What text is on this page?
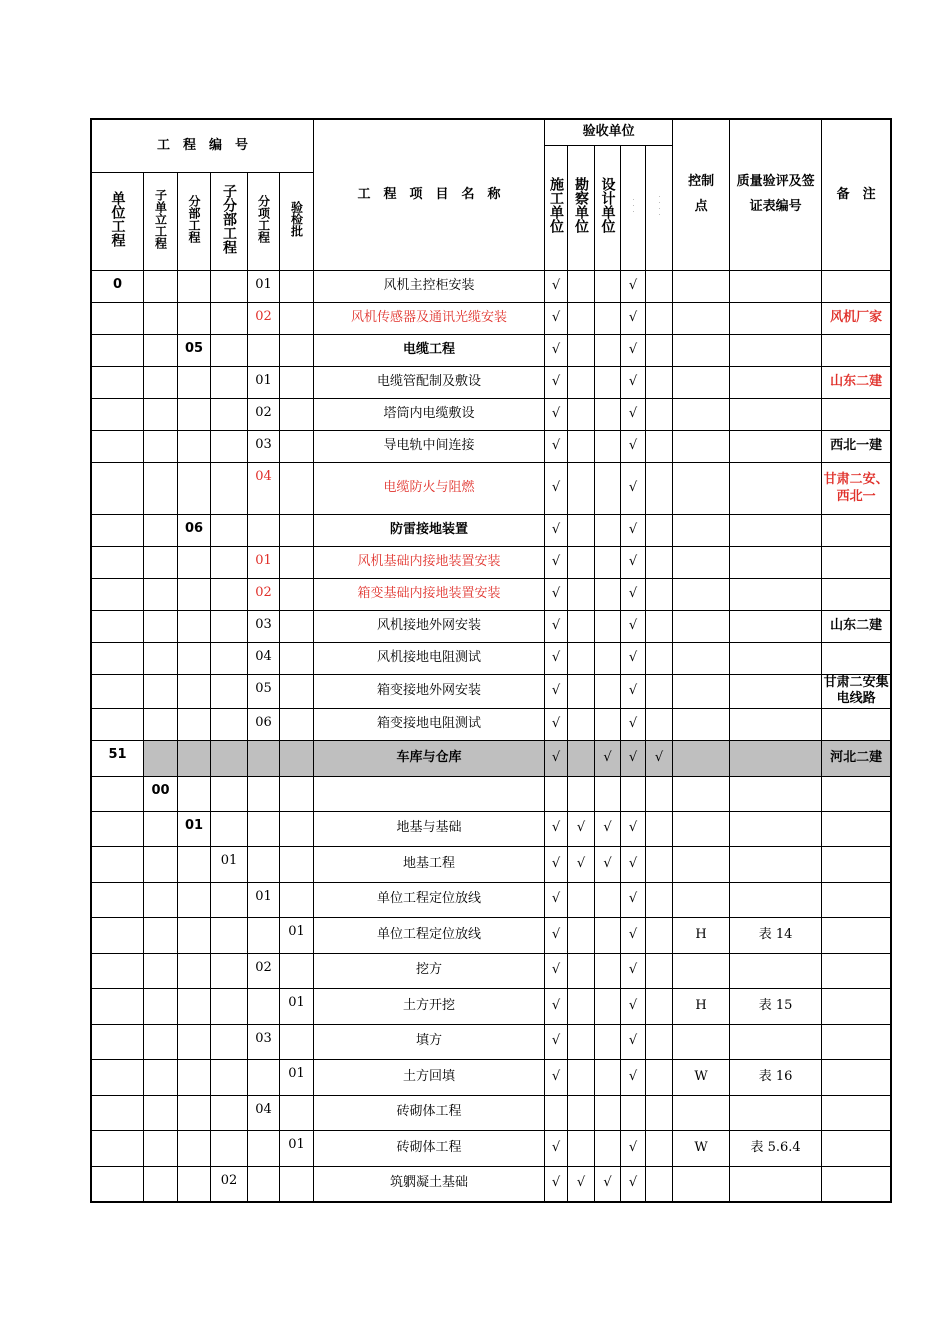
工　程　编　号						工　程　项　目　名　称	验收单位					控制点	质量验评及签证表编号	备　注
							施工单位	勘察单位	设计单位	...	....			
单位工程	子单立工程	分部工程	子分部工程	分项工程	验检批									
0				01		风机主控柜安装	√			√				
				02		风机传感器及通讯光缆安装	√			√				风机厂家
		05				电缆工程	√			√				
				01		电缆管配制及敷设	√			√				山东二建
				02		塔筒内电缆敷设	√			√				
				03		导电轨中间连接	√			√				西北一建
				04		电缆防火与阻燃	√			√				甘肃二安、西北一
		06				防雷接地装置	√			√				
				01		风机基础内接地装置安装	√			√				
				02		箱变基础内接地装置安装	√			√				
				03		风机接地外网安装	√			√				山东二建
				04		风机接地电阻测试	√			√				
				05		箱变接地外网安装	√			√				甘肃二安集电线路
				06		箱变接地电阻测试	√			√				
51						车库与仓库	√		√	√	√			河北二建
	00													
		01				地基与基础	√	√	√	√				
			01			地基工程	√	√	√	√				
				01		单位工程定位放线	√			√				
					01	单位工程定位放线	√			√		H	表 14	
				02		挖方	√			√				
					01	土方开挖	√			√		H	表 15	
				03		填方	√			√				
					01	土方回填	√			√		W	表 16	
				04		砖砌体工程								
					01	砖砌体工程	√			√		W	表 5.6.4	
			02			筑䠾凝土基础	√	√	√	√				
